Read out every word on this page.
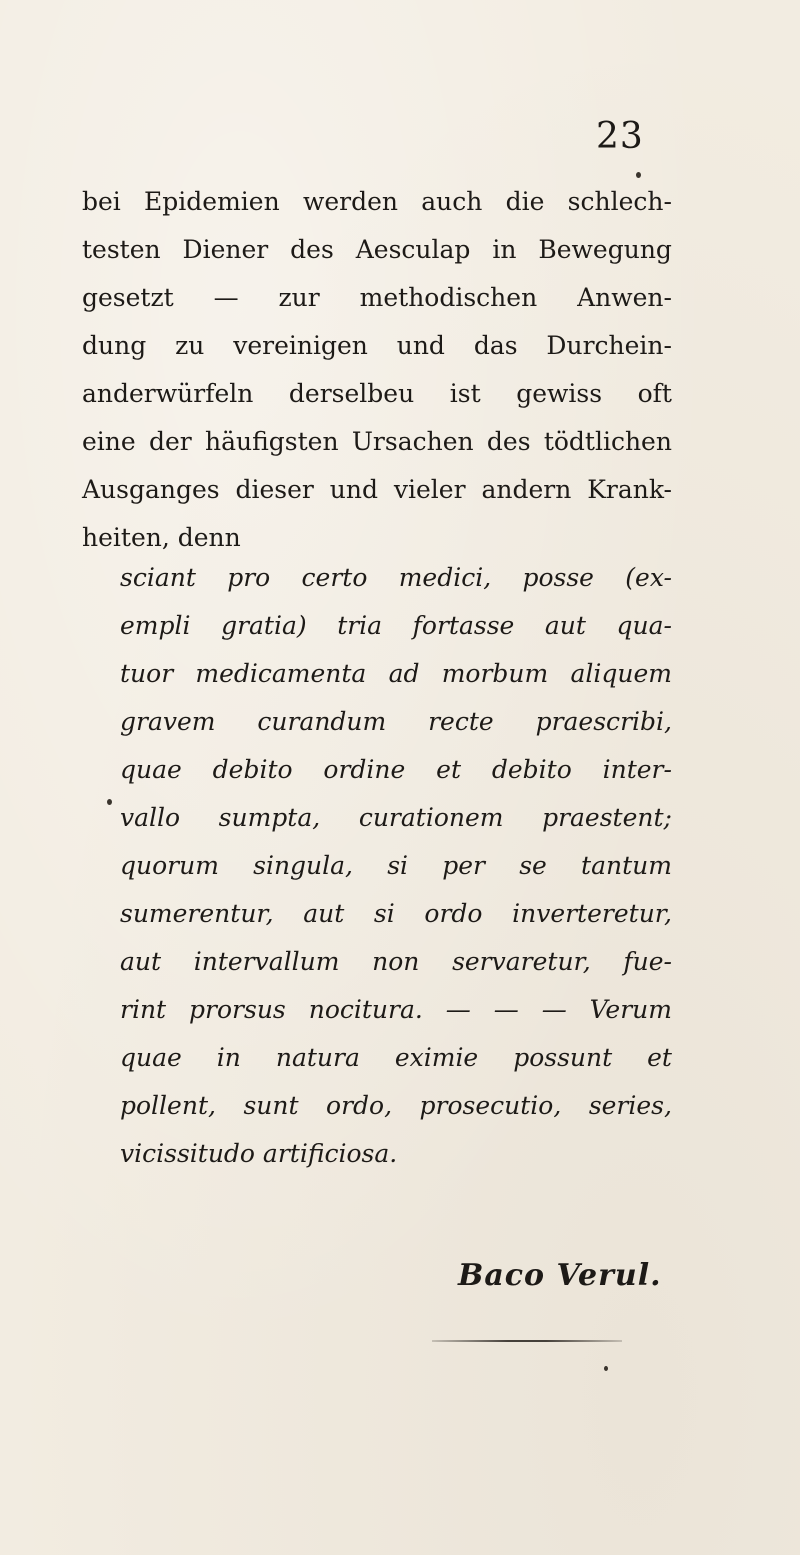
23
bei Epidemien werden auch die schlech-
testen Diener des Aesculap in Bewegung
gesetzt — zur methodischen Anwen-
dung zu vereinigen und das Durchein-
anderwürfeln derselbeu ist gewiss oft
eine der häufigsten Ursachen des tödtlichen
Ausganges dieser und vieler andern Krank-
heiten, denn
sciant pro certo medici, posse (ex-
empli gratia) tria fortasse aut qua-
tuor medicamenta ad morbum aliquem
gravem curandum recte praescribi,
quae debito ordine et debito inter-
vallo sumpta, curationem praestent;
quorum singula, si per se tantum
sumerentur, aut si ordo inverteretur,
aut intervallum non servaretur, fue-
rint prorsus nocitura. — — — Verum
quae in natura eximie possunt et
pollent, sunt ordo, prosecutio, series,
vicissitudo artificiosa.
Baco Verul.
